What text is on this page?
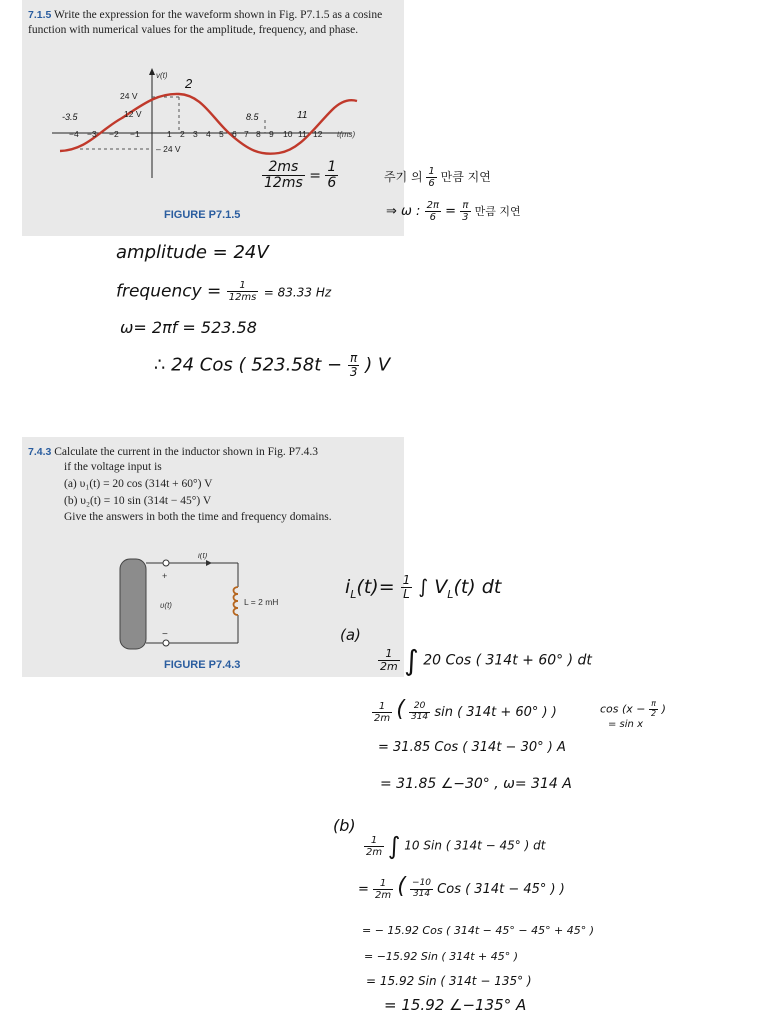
7.1.5 Write the expression for the waveform shown in Fig. P7.1.5 as a cosine function with numerical values for the amplitude, frequency, and phase.
v(t)
t(ms)
24 V
12 V
– 24 V
−4 −3 −2 −1	1 2 3 4 5 6 7 8 9 10 11 12
2
-3.5	8.5	11
$\frac{2ms}{12ms} = \frac{1}{6}$
FIGURE P7.1.5
주기 의 $\frac{1}{6}$ 만큼 지연
⇒ ω : $\frac{2\pi}{6} = \frac{\pi}{3}$ 만큼 지연
amplitude = 24V
frequency = $\frac{1}{12ms} = 83.33$ Hz
ω= 2πf = 523.58
∴ 24 Cos ( $523.58t - \frac{\pi}{3}$ ) V
7.4.3 Calculate the current in the inductor shown in Fig. P7.4.3
if the voltage input is
(a) υ₁(t) = 20 cos (314t + 60°) V
(b) υ₂(t) = 10 sin (314t − 45°) V
Give the answers in both the time and frequency domains.
i(t)
+
υ(t)
−
L = 2 mH
FIGURE P7.4.3
$i_L(t)= \frac{1}{L}$ ∫ $V_L(t)$ dt
(a)
$\frac{1}{2m}$ ∫ 20 Cos ( 314t + 60° ) dt
$\frac{1}{2m}$ ( $\frac{20}{314}$ sin ( 314t + 60° ) )	$\cos (x - \frac{\pi}{2}$ )
= sin x
= 31.85 Cos ( 314t − 30° ) A
= 31.85 ∠−30° , ω= 314 A
(b)
$\frac{1}{2m}$ ∫ 10 Sin ( 314t − 45° ) dt
= $\frac{1}{2m}$ ( $\frac{-10}{314}$ Cos ( 314t − 45° ) )
= − 15.92 Cos ( 314t − 45° − 45° + 45° )
= −15.92 Sin ( 314t + 45° )
= 15.92 Sin ( 314t − 135° )
= 15.92 ∠−135° A
